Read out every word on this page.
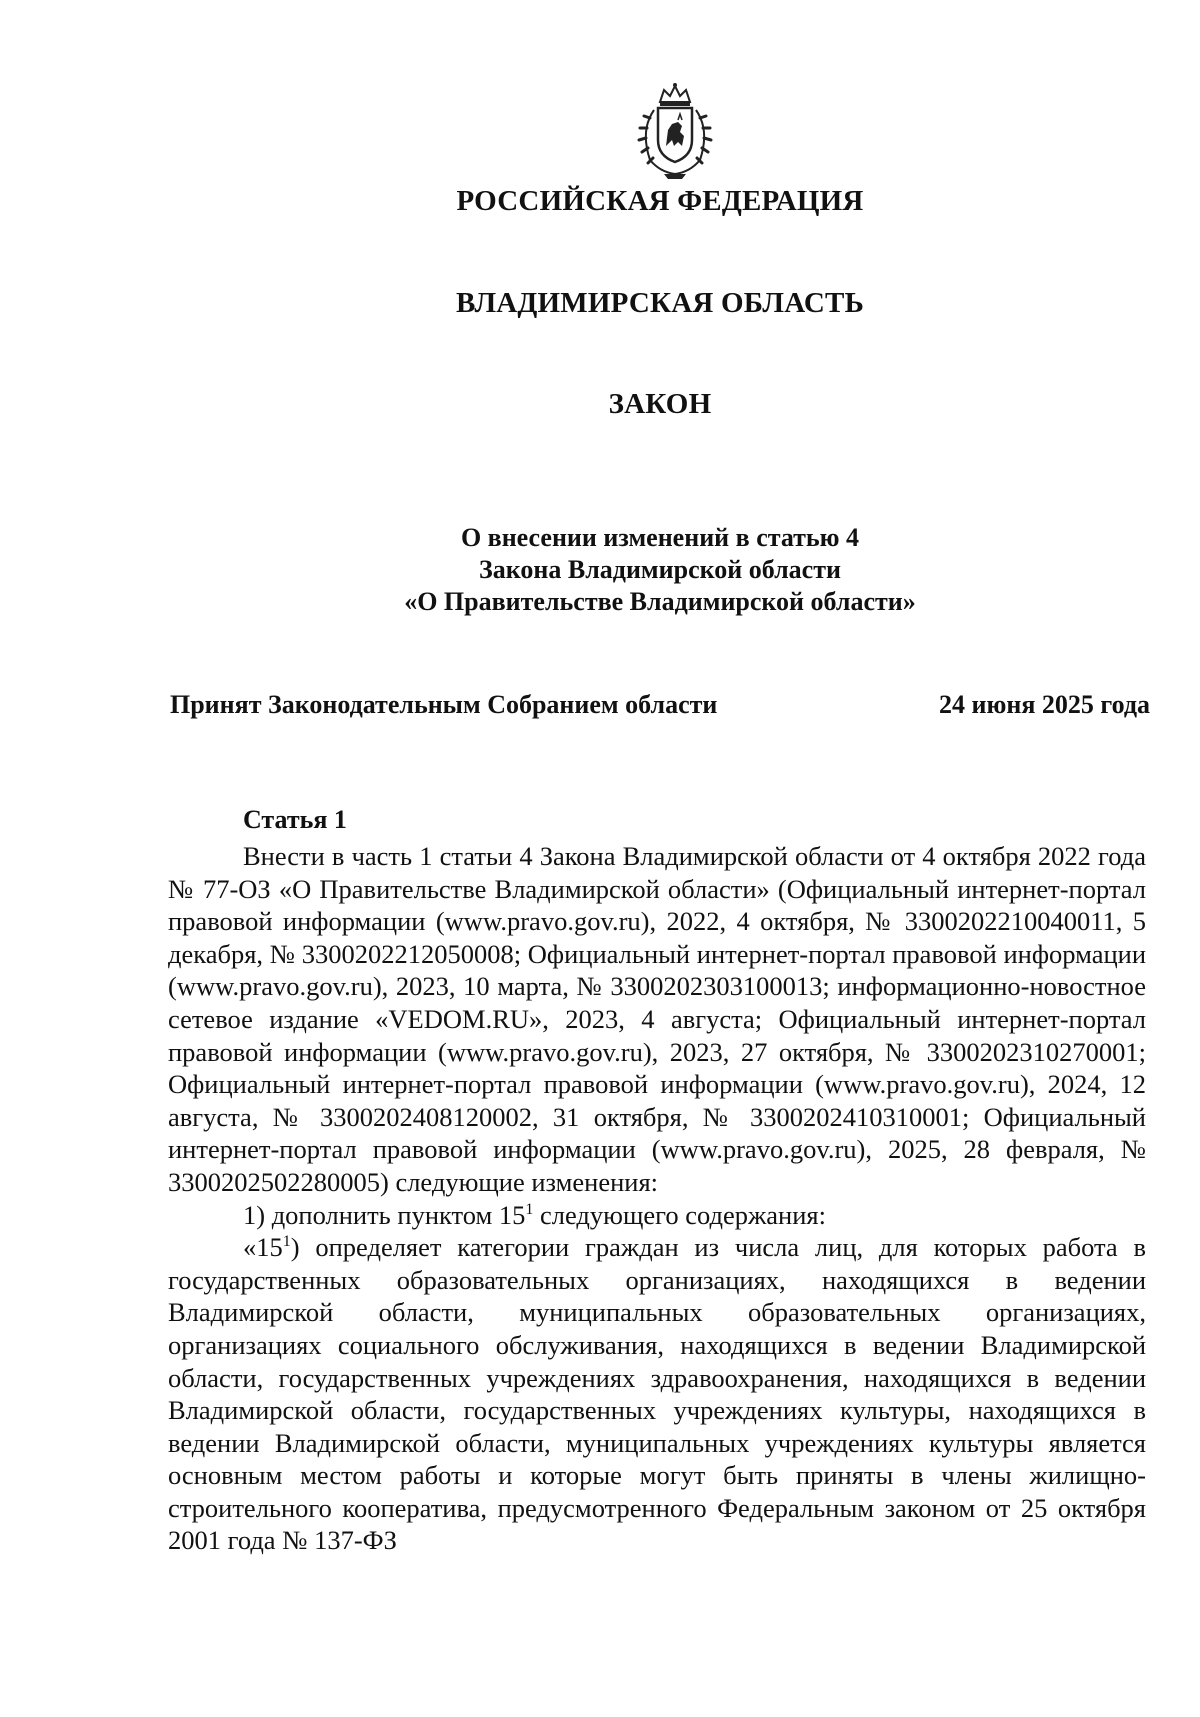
РОССИЙСКАЯ ФЕДЕРАЦИЯ
ВЛАДИМИРСКАЯ ОБЛАСТЬ
ЗАКОН
О внесении изменений в статью 4
Закона Владимирской области
«О Правительстве Владимирской области»
Принят Законодательным Собранием области	24 июня 2025 года
Статья 1

Внести в часть 1 статьи 4 Закона Владимирской области от 4 октября 2022 года № 77-ОЗ «О Правительстве Владимирской области» (Официальный интернет-портал правовой информации (www.pravo.gov.ru), 2022, 4 октября, № 3300202210040011, 5 декабря, № 3300202212050008; Официальный интернет-портал правовой информации (www.pravo.gov.ru), 2023, 10 марта, № 3300202303100013; информационно-новостное сетевое издание «VEDOM.RU», 2023, 4 августа; Официальный интернет-портал правовой информации (www.pravo.gov.ru), 2023, 27 октября, № 3300202310270001; Официальный интернет-портал правовой информации (www.pravo.gov.ru), 2024, 12 августа, № 3300202408120002, 31 октября, № 3300202410310001; Официальный интернет-портал правовой информации (www.pravo.gov.ru), 2025, 28 февраля, № 3300202502280005) следующие изменения:

1) дополнить пунктом $15^1$ следующего содержания:

«$15^1$) определяет категории граждан из числа лиц, для которых работа в государственных образовательных организациях, находящихся в ведении Владимирской области, муниципальных образовательных организациях, организациях социального обслуживания, находящихся в ведении Владимирской области, государственных учреждениях здравоохранения, находящихся в ведении Владимирской области, государственных учреждениях культуры, находящихся в ведении Владимирской области, муниципальных учреждениях культуры является основным местом работы и которые могут быть приняты в члены жилищно-строительного кооператива, предусмотренного Федеральным законом от 25 октября 2001 года № 137-ФЗ
